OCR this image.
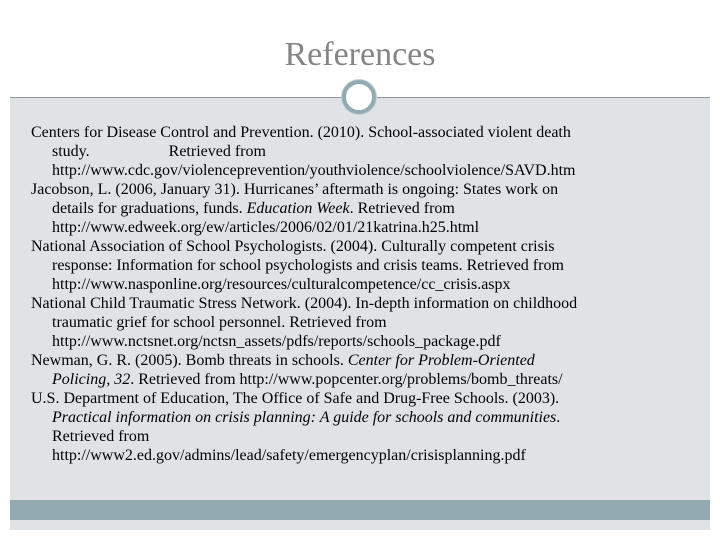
References
Centers for Disease Control and Prevention. (2010). School-associated violent death
study.	Retrieved from
http://www.cdc.gov/violenceprevention/youthviolence/schoolviolence/SAVD.htm
Jacobson, L. (2006, January 31). Hurricanes’ aftermath is ongoing: States work on
details for graduations, funds. Education Week. Retrieved from
http://www.edweek.org/ew/articles/2006/02/01/21katrina.h25.html
National Association of School Psychologists. (2004). Culturally competent crisis
response: Information for school psychologists and crisis teams. Retrieved from
http://www.nasponline.org/resources/culturalcompetence/cc_crisis.aspx
National Child Traumatic Stress Network. (2004). In-depth information on childhood
traumatic grief for school personnel. Retrieved from
http://www.nctsnet.org/nctsn_assets/pdfs/reports/schools_package.pdf
Newman, G. R. (2005). Bomb threats in schools. Center for Problem-Oriented
Policing, 32. Retrieved from http://www.popcenter.org/problems/bomb_threats/
U.S. Department of Education, The Office of Safe and Drug-Free Schools. (2003).
Practical information on crisis planning: A guide for schools and communities.
Retrieved from
http://www2.ed.gov/admins/lead/safety/emergencyplan/crisisplanning.pdf
